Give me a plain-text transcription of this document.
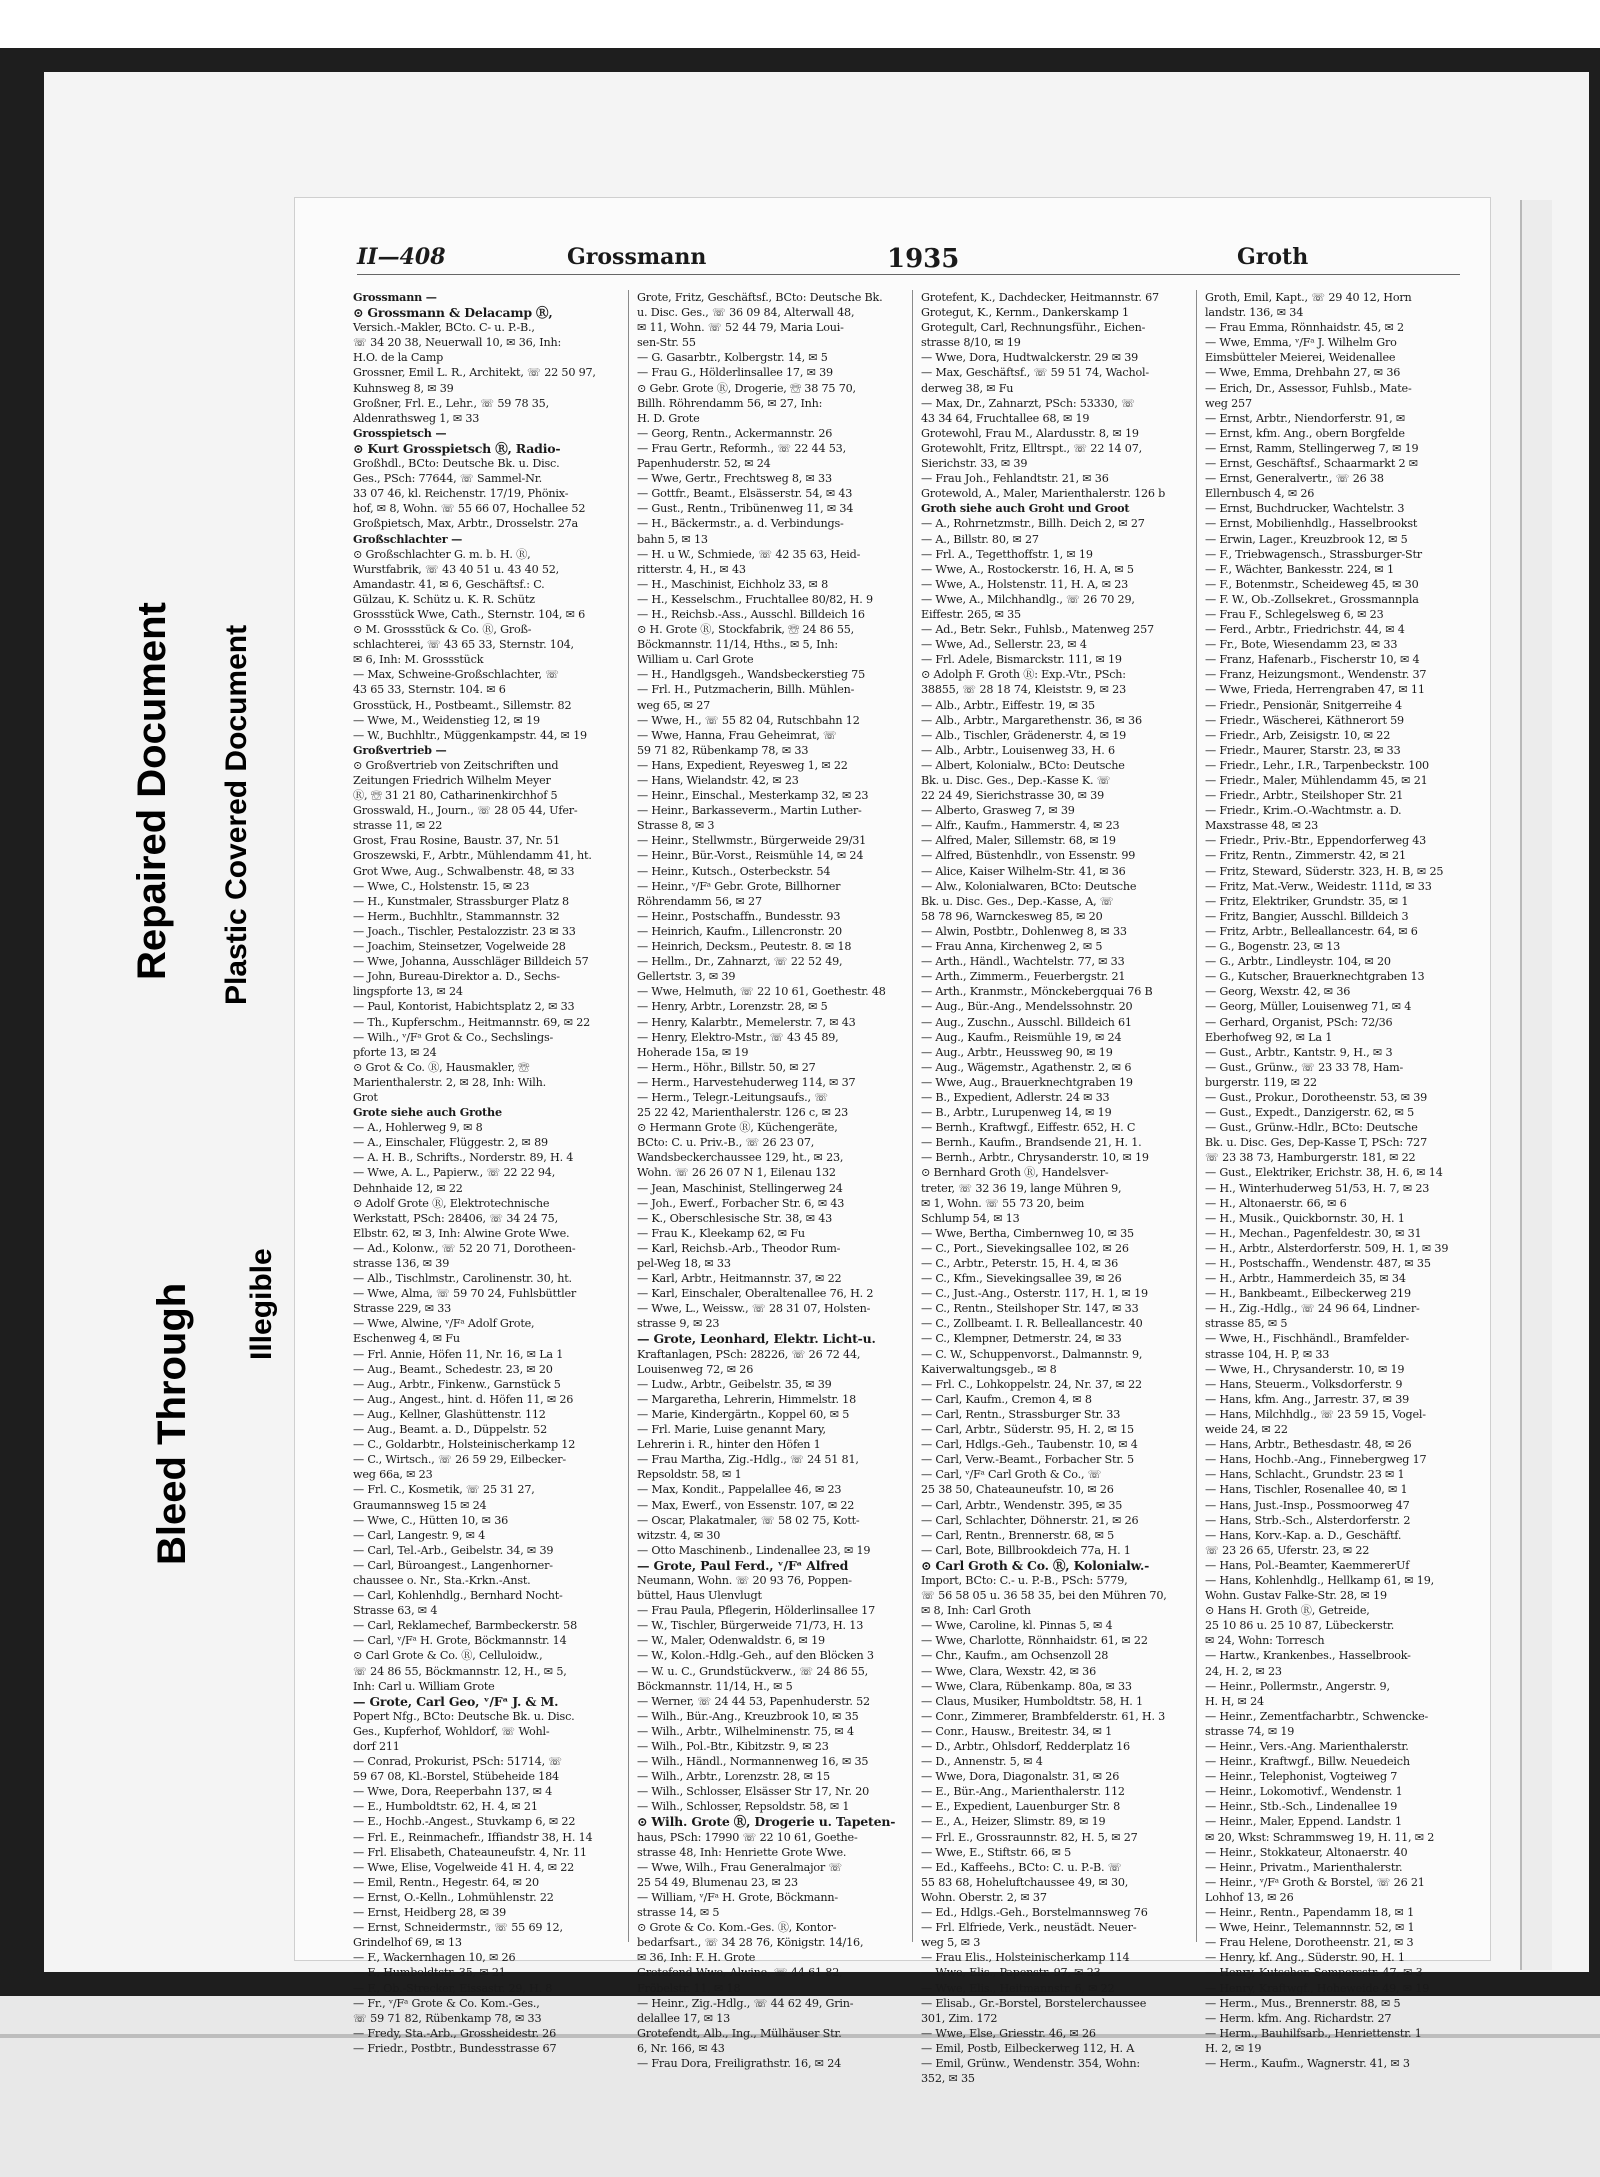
Bleed Through Illegible
Plastic Covered Document
Repaired Document
II—408	Grossmann	1935	Groth
Grossmann —
⊙ Grossmann & Delacamp Ⓡ,
Versich.-Makler, BCto. C- u. P.-B.,
☏ 34 20 38, Neuerwall 10, ✉ 36, Inh:
H.O. de la Camp
Grossner, Emil L. R., Architekt, ☏ 22 50 97,
Kuhnsweg 8, ✉ 39
Großner, Frl. E., Lehr., ☏ 59 78 35,
Aldenrathsweg 1, ✉ 33
Grosspietsch —
⊙ Kurt Grosspietsch Ⓡ, Radio-
Großhdl., BCto: Deutsche Bk. u. Disc.
Ges., PSch: 77644, ☏ Sammel-Nr.
33 07 46, kl. Reichenstr. 17/19, Phönix-
hof, ✉ 8, Wohn. ☏ 55 66 07, Hochallee 52
Großpietsch, Max, Arbtr., Drosselstr. 27a
Großschlachter —
⊙ Großschlachter G. m. b. H. Ⓡ,
Wurstfabrik, ☏ 43 40 51 u. 43 40 52,
Amandastr. 41, ✉ 6, Geschäftsf.: C.
Gülzau, K. Schütz u. K. R. Schütz
Grossstück Wwe, Cath., Sternstr. 104, ✉ 6
⊙ M. Grossstück & Co. Ⓡ, Groß-
schlachterei, ☏ 43 65 33, Sternstr. 104,
✉ 6, Inh: M. Grossstück
— Max, Schweine-Großschlachter, ☏
43 65 33, Sternstr. 104. ✉ 6
Grosstück, H., Postbeamt., Sillemstr. 82
— Wwe, M., Weidenstieg 12, ✉ 19
— W., Buchhltr., Müggenkampstr. 44, ✉ 19
Großvertrieb —
⊙ Großvertrieb von Zeitschriften und
Zeitungen Friedrich Wilhelm Meyer
Ⓡ, ☏ 31 21 80, Catharinenkirchhof 5
Grosswald, H., Journ., ☏ 28 05 44, Ufer-
strasse 11, ✉ 22
Grost, Frau Rosine, Baustr. 37, Nr. 51
Groszewski, F., Arbtr., Mühlendamm 41, ht.
Grot Wwe, Aug., Schwalbenstr. 48, ✉ 33
— Wwe, C., Holstenstr. 15, ✉ 23
— H., Kunstmaler, Strassburger Platz 8
— Herm., Buchhltr., Stammannstr. 32
— Joach., Tischler, Pestalozzistr. 23 ✉ 33
— Joachim, Steinsetzer, Vogelweide 28
— Wwe, Johanna, Ausschläger Billdeich 57
— John, Bureau-Direktor a. D., Sechs-
lingspforte 13, ✉ 24
— Paul, Kontorist, Habichtsplatz 2, ✉ 33
— Th., Kupferschm., Heitmannstr. 69, ✉ 22
— Wilh., ᵛ/Fᵃ Grot & Co., Sechslings-
pforte 13, ✉ 24
⊙ Grot & Co. Ⓡ, Hausmakler, ☏
Marienthalerstr. 2, ✉ 28, Inh: Wilh.
Grot
Grote siehe auch Grothe
— A., Hohlerweg 9, ✉ 8
— A., Einschaler, Flüggestr. 2, ✉ 89
— A. H. B., Schrifts., Norderstr. 89, H. 4
— Wwe, A. L., Papierw., ☏ 22 22 94,
Dehnhaide 12, ✉ 22
⊙ Adolf Grote Ⓡ, Elektrotechnische
Werkstatt, PSch: 28406, ☏ 34 24 75,
Elbstr. 62, ✉ 3, Inh: Alwine Grote Wwe.
— Ad., Kolonw., ☏ 52 20 71, Dorotheen-
strasse 136, ✉ 39
— Alb., Tischlmstr., Carolinenstr. 30, ht.
— Wwe, Alma, ☏ 59 70 24, Fuhlsbüttler
Strasse 229, ✉ 33
— Wwe, Alwine, ᵛ/Fᵃ Adolf Grote,
Eschenweg 4, ✉ Fu
— Frl. Annie, Höfen 11, Nr. 16, ✉ La 1
— Aug., Beamt., Schedestr. 23, ✉ 20
— Aug., Arbtr., Finkenw., Garnstück 5
— Aug., Angest., hint. d. Höfen 11, ✉ 26
— Aug., Kellner, Glashüttenstr. 112
— Aug., Beamt. a. D., Düppelstr. 52
— C., Goldarbtr., Holsteinischerkamp 12
— C., Wirtsch., ☏ 26 59 29, Eilbecker-
weg 66a, ✉ 23
— Frl. C., Kosmetik, ☏ 25 31 27,
Graumannsweg 15 ✉ 24
— Wwe, C., Hütten 10, ✉ 36
— Carl, Langestr. 9, ✉ 4
— Carl, Tel.-Arb., Geibelstr. 34, ✉ 39
— Carl, Büroangest., Langenhorner-
chaussee o. Nr., Sta.-Krkn.-Anst.
— Carl, Kohlenhdlg., Bernhard Nocht-
Strasse 63, ✉ 4
— Carl, Reklamechef, Barmbeckerstr. 58
— Carl, ᵛ/Fᵃ H. Grote, Böckmannstr. 14
⊙ Carl Grote & Co. Ⓡ, Celluloidw.,
☏ 24 86 55, Böckmannstr. 12, H., ✉ 5,
Inh: Carl u. William Grote
— Grote, Carl Geo, ᵛ/Fᵃ J. & M.
Popert Nfg., BCto: Deutsche Bk. u. Disc.
Ges., Kupferhof, Wohldorf, ☏ Wohl-
dorf 211
— Conrad, Prokurist, PSch: 51714, ☏
59 67 08, Kl.-Borstel, Stübeheide 184
— Wwe, Dora, Reeperbahn 137, ✉ 4
— E., Humboldtstr. 62, H. 4, ✉ 21
— E., Hochb.-Angest., Stuvkamp 6, ✉ 22
— Frl. E., Reinmachefr., Iffiandstr 38, H. 14
— Frl. Elisabeth, Chateauneufstr. 4, Nr. 11
— Wwe, Elise, Vogelweide 41 H. 4, ✉ 22
— Emil, Rentn., Hegestr. 64, ✉ 20
— Ernst, O.-Kelln., Lohmühlenstr. 22
— Ernst, Heidberg 28, ✉ 39
— Ernst, Schneidermstr., ☏ 55 69 12,
Grindelhof 69, ✉ 13
— F., Wackernhagen 10, ✉ 26
— F., Humboldtstr. 35, ✉ 21
— F., Ob.-Strecker, Eissastr. 29, H. 8
— Fr., ᵛ/Fᵃ Grote & Co. Kom.-Ges.,
☏ 59 71 82, Rübenkamp 78, ✉ 33
— Fredy, Sta.-Arb., Grossheidestr. 26
— Friedr., Postbtr., Bundesstrasse 67
Grote, Fritz, Geschäftsf., BCto: Deutsche Bk.
u. Disc. Ges., ☏ 36 09 84, Alterwall 48,
✉ 11, Wohn. ☏ 52 44 79, Maria Loui-
sen-Str. 55
— G. Gasarbtr., Kolbergstr. 14, ✉ 5
— Frau G., Hölderlinsallee 17, ✉ 39
⊙ Gebr. Grote Ⓡ, Drogerie, ☏ 38 75 70,
Billh. Röhrendamm 56, ✉ 27, Inh:
H. D. Grote
— Georg, Rentn., Ackermannstr. 26
— Frau Gertr., Reformh., ☏ 22 44 53,
Papenhuderstr. 52, ✉ 24
— Wwe, Gertr., Frechtsweg 8, ✉ 33
— Gottfr., Beamt., Elsässerstr. 54, ✉ 43
— Gust., Rentn., Tribünenweg 11, ✉ 34
— H., Bäckermstr., a. d. Verbindungs-
bahn 5, ✉ 13
— H. u W., Schmiede, ☏ 42 35 63, Heid-
ritterstr. 4, H., ✉ 43
— H., Maschinist, Eichholz 33, ✉ 8
— H., Kesselschm., Fruchtallee 80/82, H. 9
— H., Reichsb.-Ass., Ausschl. Billdeich 16
⊙ H. Grote Ⓡ, Stockfabrik, ☏ 24 86 55,
Böckmannstr. 11/14, Hths., ✉ 5, Inh:
William u. Carl Grote
— H., Handlgsgeh., Wandsbeckerstieg 75
— Frl. H., Putzmacherin, Billh. Mühlen-
weg 65, ✉ 27
— Wwe, H., ☏ 55 82 04, Rutschbahn 12
— Wwe, Hanna, Frau Geheimrat, ☏
59 71 82, Rübenkamp 78, ✉ 33
— Hans, Expedient, Reyesweg 1, ✉ 22
— Hans, Wielandstr. 42, ✉ 23
— Heinr., Einschal., Mesterkamp 32, ✉ 23
— Heinr., Barkasseverm., Martin Luther-
Strasse 8, ✉ 3
— Heinr., Stellwmstr., Bürgerweide 29/31
— Heinr., Bür.-Vorst., Reismühle 14, ✉ 24
— Heinr., Kutsch., Osterbeckstr. 54
— Heinr., ᵛ/Fᵃ Gebr. Grote, Billhorner
Röhrendamm 56, ✉ 27
— Heinr., Postschaffn., Bundesstr. 93
— Heinrich, Kaufm., Lillencronstr. 20
— Heinrich, Decksm., Peutestr. 8. ✉ 18
— Hellm., Dr., Zahnarzt, ☏ 22 52 49,
Gellertstr. 3, ✉ 39
— Wwe, Helmuth, ☏ 22 10 61, Goethestr. 48
— Henry, Arbtr., Lorenzstr. 28, ✉ 5
— Henry, Kalarbtr., Memelerstr. 7, ✉ 43
— Henry, Elektro-Mstr., ☏ 43 45 89,
Hoherade 15a, ✉ 19
— Herm., Höhr., Billstr. 50, ✉ 27
— Herm., Harvestehuderweg 114, ✉ 37
— Herm., Telegr.-Leitungsaufs., ☏
25 22 42, Marienthalerstr. 126 c, ✉ 23
⊙ Hermann Grote Ⓡ, Küchengeräte,
BCto: C. u. Priv.-B., ☏ 26 23 07,
Wandsbeckerchaussee 129, ht., ✉ 23,
Wohn. ☏ 26 26 07 N 1, Eilenau 132
— Jean, Maschinist, Stellingerweg 24
— Joh., Ewerf., Forbacher Str. 6, ✉ 43
— K., Oberschlesische Str. 38, ✉ 43
— Frau K., Kleekamp 62, ✉ Fu
— Karl, Reichsb.-Arb., Theodor Rum-
pel-Weg 18, ✉ 33
— Karl, Arbtr., Heitmannstr. 37, ✉ 22
— Karl, Einschaler, Oberaltenallee 76, H. 2
— Wwe, L., Weissw., ☏ 28 31 07, Holsten-
strasse 9, ✉ 23
— Grote, Leonhard, Elektr. Licht-u.
Kraftanlagen, PSch: 28226, ☏ 26 72 44,
Louisenweg 72, ✉ 26
— Ludw., Arbtr., Geibelstr. 35, ✉ 39
— Margaretha, Lehrerin, Himmelstr. 18
— Marie, Kindergärtn., Koppel 60, ✉ 5
— Frl. Marie, Luise genannt Mary,
Lehrerin i. R., hinter den Höfen 1
— Frau Martha, Zig.-Hdlg., ☏ 24 51 81,
Repsoldstr. 58, ✉ 1
— Max, Kondit., Pappelallee 46, ✉ 23
— Max, Ewerf., von Essenstr. 107, ✉ 22
— Oscar, Plakatmaler, ☏ 58 02 75, Kott-
witzstr. 4, ✉ 30
— Otto Maschinenb., Lindenallee 23, ✉ 19
— Grote, Paul Ferd., ᵛ/Fᵃ Alfred
Neumann, Wohn. ☏ 20 93 76, Poppen-
büttel, Haus Ulenvlugt
— Frau Paula, Pflegerin, Hölderlinsallee 17
— W., Tischler, Bürgerweide 71/73, H. 13
— W., Maler, Odenwaldstr. 6, ✉ 19
— W., Kolon.-Hdlg.-Geh., auf den Blöcken 3
— W. u. C., Grundstückverw., ☏ 24 86 55,
Böckmannstr. 11/14, H., ✉ 5
— Werner, ☏ 24 44 53, Papenhuderstr. 52
— Wilh., Bür.-Ang., Kreuzbrook 10, ✉ 35
— Wilh., Arbtr., Wilhelminenstr. 75, ✉ 4
— Wilh., Pol.-Btr., Kibitzstr. 9, ✉ 23
— Wilh., Händl., Normannenweg 16, ✉ 35
— Wilh., Arbtr., Lorenzstr. 28, ✉ 15
— Wilh., Schlosser, Elsässer Str 17, Nr. 20
— Wilh., Schlosser, Repsoldstr. 58, ✉ 1
⊙ Wilh. Grote Ⓡ, Drogerie u. Tapeten-
haus, PSch: 17990 ☏ 22 10 61, Goethe-
strasse 48, Inh: Henriette Grote Wwe.
— Wwe, Wilh., Frau Generalmajor ☏
25 54 49, Blumenau 23, ✉ 23
— William, ᵛ/Fᵃ H. Grote, Böckmann-
strasse 14, ✉ 5
⊙ Grote & Co. Kom.-Ges. Ⓡ, Kontor-
bedarfsart., ☏ 34 28 76, Königstr. 14/16,
✉ 36, Inh: F. H. Grote
Grotefend Wwe, Alwine, ☏ 44 61 82,
Fröbelstr. 11, ✉ 18
— Heinr., Zig.-Hdlg., ☏ 44 62 49, Grin-
delallee 17, ✉ 13
Grotefendt, Alb., Ing., Mülhäuser Str.
6, Nr. 166, ✉ 43
— Frau Dora, Freiligrathstr. 16, ✉ 24
Grotefent, K., Dachdecker, Heitmannstr. 67
Grotegut, K., Kernm., Dankerskamp 1
Grotegult, Carl, Rechnungsführ., Eichen-
strasse 8/10, ✉ 19
— Wwe, Dora, Hudtwalckerstr. 29 ✉ 39
— Max, Geschäftsf., ☏ 59 51 74, Wachol-
derweg 38, ✉ Fu
— Max, Dr., Zahnarzt, PSch: 53330, ☏
43 34 64, Fruchtallee 68, ✉ 19
Grotewohl, Frau M., Alardusstr. 8, ✉ 19
Grotewohlt, Fritz, Elltrspt., ☏ 22 14 07,
Sierichstr. 33, ✉ 39
— Frau Joh., Fehlandtstr. 21, ✉ 36
Grotewold, A., Maler, Marienthalerstr. 126 b
Groth siehe auch Groht und Groot
— A., Rohrnetzmstr., Billh. Deich 2, ✉ 27
— A., Billstr. 80, ✉ 27
— Frl. A., Tegetthoffstr. 1, ✉ 19
— Wwe, A., Rostockerstr. 16, H. A, ✉ 5
— Wwe, A., Holstenstr. 11, H. A, ✉ 23
— Wwe, A., Milchhandlg., ☏ 26 70 29,
Eiffestr. 265, ✉ 35
— Ad., Betr. Sekr., Fuhlsb., Matenweg 257
— Wwe, Ad., Sellerstr. 23, ✉ 4
— Frl. Adele, Bismarckstr. 111, ✉ 19
⊙ Adolph F. Groth Ⓡ: Exp.-Vtr., PSch:
38855, ☏ 28 18 74, Kleiststr. 9, ✉ 23
— Alb., Arbtr., Eiffestr. 19, ✉ 35
— Alb., Arbtr., Margarethenstr. 36, ✉ 36
— Alb., Tischler, Grädenerstr. 4, ✉ 19
— Alb., Arbtr., Louisenweg 33, H. 6
— Albert, Kolonialw., BCto: Deutsche
Bk. u. Disc. Ges., Dep.-Kasse K. ☏
22 24 49, Sierichstrasse 30, ✉ 39
— Alberto, Grasweg 7, ✉ 39
— Alfr., Kaufm., Hammerstr. 4, ✉ 23
— Alfred, Maler, Sillemstr. 68, ✉ 19
— Alfred, Büstenhdlr., von Essenstr. 99
— Alice, Kaiser Wilhelm-Str. 41, ✉ 36
— Alw., Kolonialwaren, BCto: Deutsche
Bk. u. Disc. Ges., Dep.-Kasse, A, ☏
58 78 96, Warnckesweg 85, ✉ 20
— Alwin, Postbtr., Dohlenweg 8, ✉ 33
— Frau Anna, Kirchenweg 2, ✉ 5
— Arth., Händl., Wachtelstr. 77, ✉ 33
— Arth., Zimmerm., Feuerbergstr. 21
— Arth., Kranmstr., Mönckebergquai 76 B
— Aug., Bür.-Ang., Mendelssohnstr. 20
— Aug., Zuschn., Ausschl. Billdeich 61
— Aug., Kaufm., Reismühle 19, ✉ 24
— Aug., Arbtr., Heussweg 90, ✉ 19
— Aug., Wägemstr., Agathenstr. 2, ✉ 6
— Wwe, Aug., Brauerknechtgraben 19
— B., Expedient, Adlerstr. 24 ✉ 33
— B., Arbtr., Lurupenweg 14, ✉ 19
— Bernh., Kraftwgf., Eiffestr. 652, H. C
— Bernh., Kaufm., Brandsende 21, H. 1.
— Bernh., Arbtr., Chrysanderstr. 10, ✉ 19
⊙ Bernhard Groth Ⓡ, Handelsver-
treter, ☏ 32 36 19, lange Mühren 9,
✉ 1, Wohn. ☏ 55 73 20, beim
Schlump 54, ✉ 13
— Wwe, Bertha, Cimbernweg 10, ✉ 35
— C., Port., Sievekingsallee 102, ✉ 26
— C., Arbtr., Peterstr. 15, H. 4, ✉ 36
— C., Kfm., Sievekingsallee 39, ✉ 26
— C., Just.-Ang., Osterstr. 117, H. 1, ✉ 19
— C., Rentn., Steilshoper Str. 147, ✉ 33
— C., Zollbeamt. I. R. Belleallancestr. 40
— C., Klempner, Detmerstr. 24, ✉ 33
— C. W., Schuppenvorst., Dalmannstr. 9,
Kaiverwaltungsgeb., ✉ 8
— Frl. C., Lohkoppelstr. 24, Nr. 37, ✉ 22
— Carl, Kaufm., Cremon 4, ✉ 8
— Carl, Rentn., Strassburger Str. 33
— Carl, Arbtr., Süderstr. 95, H. 2, ✉ 15
— Carl, Hdlgs.-Geh., Taubenstr. 10, ✉ 4
— Carl, Verw.-Beamt., Forbacher Str. 5
— Carl, ᵛ/Fᵃ Carl Groth & Co., ☏
25 38 50, Chateauneufstr. 10, ✉ 26
— Carl, Arbtr., Wendenstr. 395, ✉ 35
— Carl, Schlachter, Döhnerstr. 21, ✉ 26
— Carl, Rentn., Brennerstr. 68, ✉ 5
— Carl, Bote, Billbrookdeich 77a, H. 1
⊙ Carl Groth & Co. Ⓡ, Kolonialw.-
Import, BCto: C.- u. P.-B., PSch: 5779,
☏ 56 58 05 u. 36 58 35, bei den Mühren 70,
✉ 8, Inh: Carl Groth
— Wwe, Caroline, kl. Pinnas 5, ✉ 4
— Wwe, Charlotte, Rönnhaidstr. 61, ✉ 22
— Chr., Kaufm., am Ochsenzoll 28
— Wwe, Clara, Wexstr. 42, ✉ 36
— Wwe, Clara, Rübenkamp. 80a, ✉ 33
— Claus, Musiker, Humboldtstr. 58, H. 1
— Conr., Zimmerer, Brambfelderstr. 61, H. 3
— Conr., Hausw., Breitestr. 34, ✉ 1
— D., Arbtr., Ohlsdorf, Redderplatz 16
— D., Annenstr. 5, ✉ 4
— Wwe, Dora, Diagonalstr. 31, ✉ 26
— E., Bür.-Ang., Marienthalerstr. 112
— E., Expedient, Lauenburger Str. 8
— E., A., Heizer, Slimstr. 89, ✉ 19
— Frl. E., Grossraunnstr. 82, H. 5, ✉ 27
— Wwe, E., Stiftstr. 66, ✉ 5
— Ed., Kaffeehs., BCto: C. u. P.-B. ☏
55 83 68, Hoheluftchaussee 49, ✉ 30,
Wohn. Oberstr. 2, ✉ 37
— Ed., Hdlgs.-Geh., Borstelmannsweg 76
— Frl. Elfriede, Verk., neustädt. Neuer-
weg 5, ✉ 3
— Frau Elis., Holsteinischerkamp 114
— Wwe, Elis., Papenstr. 97, ✉ 23
— Wwe, Elis., Heitmannstr. 6, ✉ 22
— Elisab., Gr.-Borstel, Borstelerchaussee
301, Zim. 172
— Wwe, Else, Griesstr. 46, ✉ 26
— Emil, Postb, Eilbeckerweg 112, H. A
— Emil, Grünw., Wendenstr. 354, Wohn:
352, ✉ 35
Groth, Emil, Kapt., ☏ 29 40 12, Horn
landstr. 136, ✉ 34
— Frau Emma, Rönnhaidstr. 45, ✉ 2
— Wwe, Emma, ᵛ/Fᵃ J. Wilhelm Gro
Eimsbütteler Meierei, Weidenallee
— Wwe, Emma, Drehbahn 27, ✉ 36
— Erich, Dr., Assessor, Fuhlsb., Mate-
weg 257
— Ernst, Arbtr., Niendorferstr. 91, ✉
— Ernst, kfm. Ang., obern Borgfelde
— Ernst, Ramm, Stellingerweg 7, ✉ 19
— Ernst, Geschäftsf., Schaarmarkt 2 ✉
— Ernst, Generalvertr., ☏ 26 38
Ellernbusch 4, ✉ 26
— Ernst, Buchdrucker, Wachtelstr. 3
— Ernst, Mobilienhdlg., Hasselbrookst
— Erwin, Lager., Kreuzbrook 12, ✉ 5
— F., Triebwagensch., Strassburger-Str
— F., Wächter, Bankesstr. 224, ✉ 1
— F., Botenmstr., Scheideweg 45, ✉ 30
— F. W., Ob.-Zollsekret., Grossmannpla
— Frau F., Schlegelsweg 6, ✉ 23
— Ferd., Arbtr., Friedrichstr. 44, ✉ 4
— Fr., Bote, Wiesendamm 23, ✉ 33
— Franz, Hafenarb., Fischerstr 10, ✉ 4
— Franz, Heizungsmont., Wendenstr. 37
— Wwe, Frieda, Herrengraben 47, ✉ 11
— Friedr., Pensionär, Snitgerreihe 4
— Friedr., Wäscherei, Käthnerort 59
— Friedr., Arb, Zeisigstr. 10, ✉ 22
— Friedr., Maurer, Starstr. 23, ✉ 33
— Friedr., Lehr., I.R., Tarpenbeckstr. 100
— Friedr., Maler, Mühlendamm 45, ✉ 21
— Friedr., Arbtr., Steilshoper Str. 21
— Friedr., Krim.-O.-Wachtmstr. a. D.
Maxstrasse 48, ✉ 23
— Friedr., Priv.-Btr., Eppendorferweg 43
— Fritz, Rentn., Zimmerstr. 42, ✉ 21
— Fritz, Steward, Süderstr. 323, H. B, ✉ 25
— Fritz, Mat.-Verw., Weidestr. 111d, ✉ 33
— Fritz, Elektriker, Grundstr. 35, ✉ 1
— Fritz, Bangier, Ausschl. Billdeich 3
— Fritz, Arbtr., Belleallancestr. 64, ✉ 6
— G., Bogenstr. 23, ✉ 13
— G., Arbtr., Lindleystr. 104, ✉ 20
— G., Kutscher, Brauerknechtgraben 13
— Georg, Wexstr. 42, ✉ 36
— Georg, Müller, Louisenweg 71, ✉ 4
— Gerhard, Organist, PSch: 72/36
Eberhofweg 92, ✉ La 1
— Gust., Arbtr., Kantstr. 9, H., ✉ 3
— Gust., Grünw., ☏ 23 33 78, Ham-
burgerstr. 119, ✉ 22
— Gust., Prokur., Dorotheenstr. 53, ✉ 39
— Gust., Expedt., Danzigerstr. 62, ✉ 5
— Gust., Grünw.-Hdlr., BCto: Deutsche
Bk. u. Disc. Ges, Dep-Kasse T, PSch: 727
☏ 23 38 73, Hamburgerstr. 181, ✉ 22
— Gust., Elektriker, Erichstr. 38, H. 6, ✉ 14
— H., Winterhuderweg 51/53, H. 7, ✉ 23
— H., Altonaerstr. 66, ✉ 6
— H., Musik., Quickbornstr. 30, H. 1
— H., Mechan., Pagenfeldestr. 30, ✉ 31
— H., Arbtr., Alsterdorferstr. 509, H. 1, ✉ 39
— H., Postschaffn., Wendenstr. 487, ✉ 35
— H., Arbtr., Hammerdeich 35, ✉ 34
— H., Bankbeamt., Eilbeckerweg 219
— H., Zig.-Hdlg., ☏ 24 96 64, Lindner-
strasse 85, ✉ 5
— Wwe, H., Fischhändl., Bramfelder-
strasse 104, H. P, ✉ 33
— Wwe, H., Chrysanderstr. 10, ✉ 19
— Hans, Steuerm., Volksdorferstr. 9
— Hans, kfm. Ang., Jarrestr. 37, ✉ 39
— Hans, Milchhdlg., ☏ 23 59 15, Vogel-
weide 24, ✉ 22
— Hans, Arbtr., Bethesdastr. 48, ✉ 26
— Hans, Hochb.-Ang., Finnebergweg 17
— Hans, Schlacht., Grundstr. 23 ✉ 1
— Hans, Tischler, Rosenallee 40, ✉ 1
— Hans, Just.-Insp., Possmoorweg 47
— Hans, Strb.-Sch., Alsterdorferstr. 2
— Hans, Korv.-Kap. a. D., Geschäftf.
☏ 23 26 65, Uferstr. 23, ✉ 22
— Hans, Pol.-Beamter, KaemmererUf
— Hans, Kohlenhdlg., Hellkamp 61, ✉ 19,
Wohn. Gustav Falke-Str. 28, ✉ 19
⊙ Hans H. Groth Ⓡ, Getreide,
25 10 86 u. 25 10 87, Lübeckerstr.
✉ 24, Wohn: Torresch
— Hartw., Krankenbes., Hasselbrook-
24, H. 2, ✉ 23
— Heinr., Pollermstr., Angerstr. 9,
H. H, ✉ 24
— Heinr., Zementfacharbtr., Schwencke-
strasse 74, ✉ 19
— Heinr., Vers.-Ang. Marienthalerstr.
— Heinr., Kraftwgf., Billw. Neuedeich
— Heinr., Telephonist, Vogteiweg 7
— Heinr., Lokomotivf., Wendenstr. 1
— Heinr., Stb.-Sch., Lindenallee 19
— Heinr., Maler, Eppend. Landstr. 1
✉ 20, Wkst: Schrammsweg 19, H. 11, ✉ 2
— Heinr., Stokkateur, Altonaerstr. 40
— Heinr., Privatm., Marienthalerstr.
— Heinr., ᵛ/Fᵃ Groth & Borstel, ☏ 26 21
Lohhof 13, ✉ 26
— Heinr., Rentn., Papendamm 18, ✉ 1
— Wwe, Heinr., Telemannnstr. 52, ✉ 1
— Frau Helene, Dorotheenstr. 21, ✉ 3
— Henry, kf. Ang., Süderstr. 90, H. 1
— Henry, Kutscher, Sempersstr. 47, ✉ 3
— Henry, Kraftwgf., Hoheweide 49, ✉ 19
— Herm., Mus., Brennerstr. 88, ✉ 5
— Herm. kfm. Ang. Richardstr. 27
— Herm., Bauhilfsarb., Henriettenstr. 1
H. 2, ✉ 19
— Herm., Kaufm., Wagnerstr. 41, ✉ 3
